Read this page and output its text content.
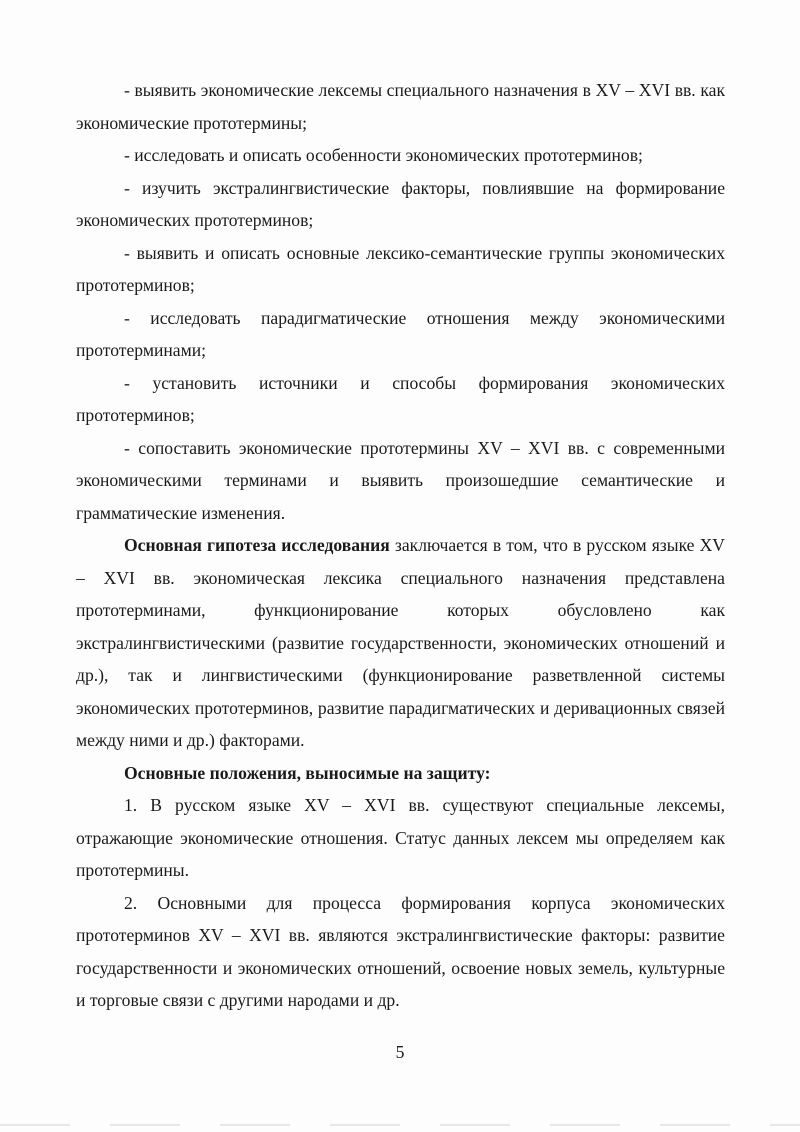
- выявить экономические лексемы специального назначения в XV – XVI вв. как экономические прототермины;

- исследовать и описать особенности экономических прототерминов;

- изучить экстралингвистические факторы, повлиявшие на формирование экономических прототерминов;

- выявить и описать основные лексико-семантические группы экономических прототерминов;

- исследовать парадигматические отношения между экономическими прототерминами;

- установить источники и способы формирования экономических прототерминов;

- сопоставить экономические прототермины XV – XVI вв. с современными экономическими терминами и выявить произошедшие семантические и грамматические изменения.

Основная гипотеза исследования заключается в том, что в русском языке XV – XVI вв. экономическая лексика специального назначения представлена прототерминами, функционирование которых обусловлено как экстралингвистическими (развитие государственности, экономических отношений и др.), так и лингвистическими (функционирование разветвленной системы экономических прототерминов, развитие парадигматических и деривационных связей между ними и др.) факторами.

Основные положения, выносимые на защиту:

1. В русском языке XV – XVI вв. существуют специальные лексемы, отражающие экономические отношения. Статус данных лексем мы определяем как прототермины.

2. Основными для процесса формирования корпуса экономических прототерминов XV – XVI вв. являются экстралингвистические факторы: развитие государственности и экономических отношений, освоение новых земель, культурные и торговые связи с другими народами и др.

5
